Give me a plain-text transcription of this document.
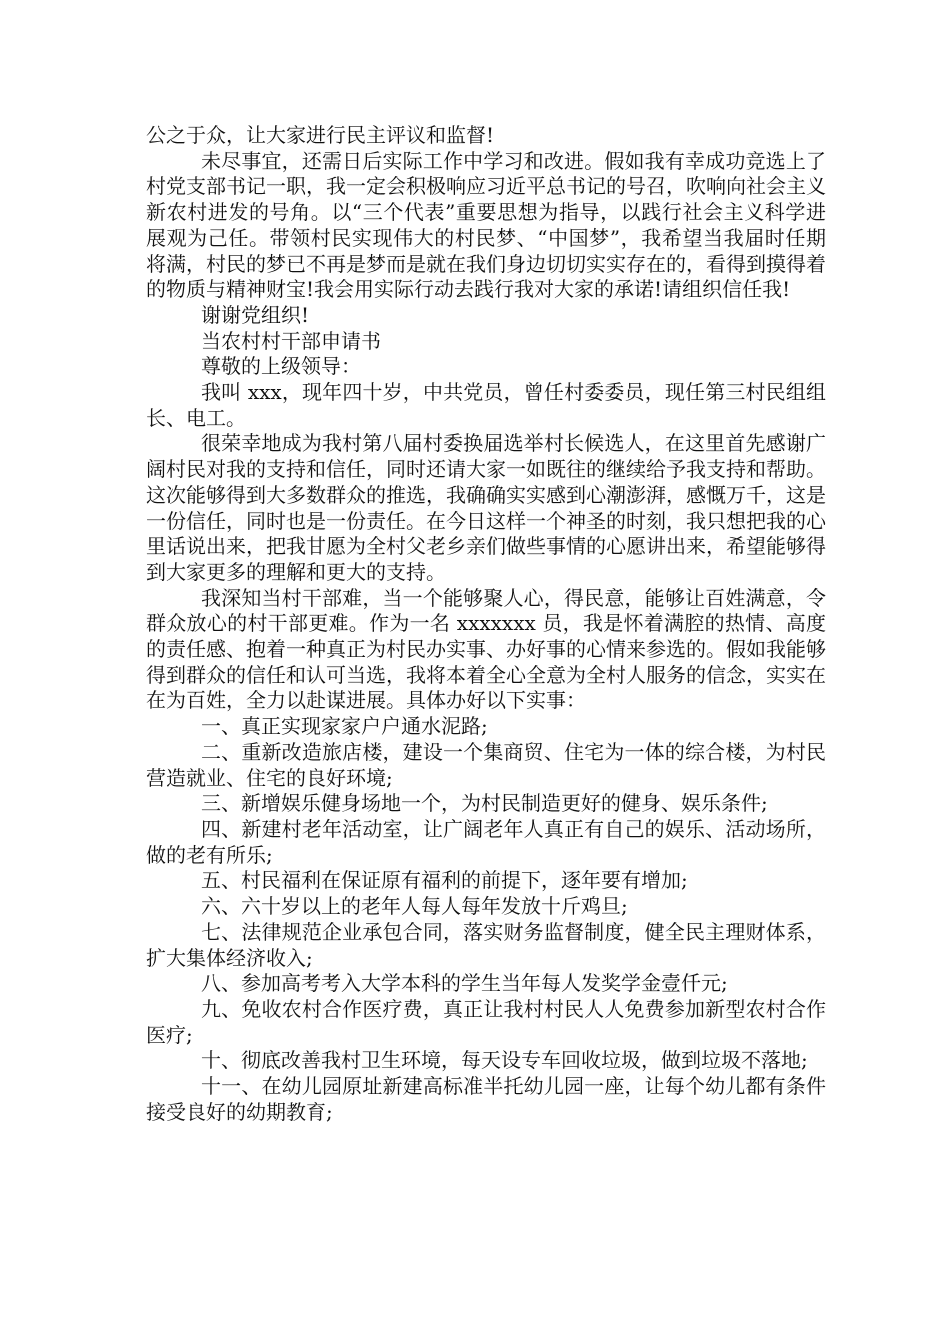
公之于众，让大家进行民主评议和监督!

未尽事宜，还需日后实际工作中学习和改进。假如我有幸成功竞选上了村党支部书记一职，我一定会积极响应习近平总书记的号召，吹响向社会主义新农村进发的号角。以“三个代表”重要思想为指导，以践行社会主义科学进展观为己任。带领村民实现伟大的村民梦、“中国梦”，我希望当我届时任期将满，村民的梦已不再是梦而是就在我们身边切切实实存在的，看得到摸得着的物质与精神财宝!我会用实际行动去践行我对大家的承诺!请组织信任我!

谢谢党组织!

当农村村干部申请书

尊敬的上级领导：

我叫 xxx，现年四十岁，中共党员，曾任村委委员，现任第三村民组组长、电工。

很荣幸地成为我村第八届村委换届选举村长候选人，在这里首先感谢广阔村民对我的支持和信任，同时还请大家一如既往的继续给予我支持和帮助。这次能够得到大多数群众的推选，我确确实实感到心潮澎湃，感慨万千，这是一份信任，同时也是一份责任。在今日这样一个神圣的时刻，我只想把我的心里话说出来，把我甘愿为全村父老乡亲们做些事情的心愿讲出来，希望能够得到大家更多的理解和更大的支持。

我深知当村干部难，当一个能够聚人心，得民意，能够让百姓满意，令群众放心的村干部更难。作为一名 xxxxxxx 员，我是怀着满腔的热情、高度的责任感、抱着一种真正为村民办实事、办好事的心情来参选的。假如我能够得到群众的信任和认可当选，我将本着全心全意为全村人服务的信念，实实在在为百姓，全力以赴谋进展。具体办好以下实事：

一、真正实现家家户户通水泥路;

二、重新改造旅店楼，建设一个集商贸、住宅为一体的综合楼，为村民营造就业、住宅的良好环境;

三、新增娱乐健身场地一个，为村民制造更好的健身、娱乐条件;

四、新建村老年活动室，让广阔老年人真正有自己的娱乐、活动场所，做的老有所乐;

五、村民福利在保证原有福利的前提下，逐年要有增加;

六、六十岁以上的老年人每人每年发放十斤鸡旦;

七、法律规范企业承包合同，落实财务监督制度，健全民主理财体系，扩大集体经济收入;

八、参加高考考入大学本科的学生当年每人发奖学金壹仟元;

九、免收农村合作医疗费，真正让我村村民人人免费参加新型农村合作医疗;

十、彻底改善我村卫生环境，每天设专车回收垃圾，做到垃圾不落地;

十一、在幼儿园原址新建高标准半托幼儿园一座，让每个幼儿都有条件接受良好的幼期教育;
